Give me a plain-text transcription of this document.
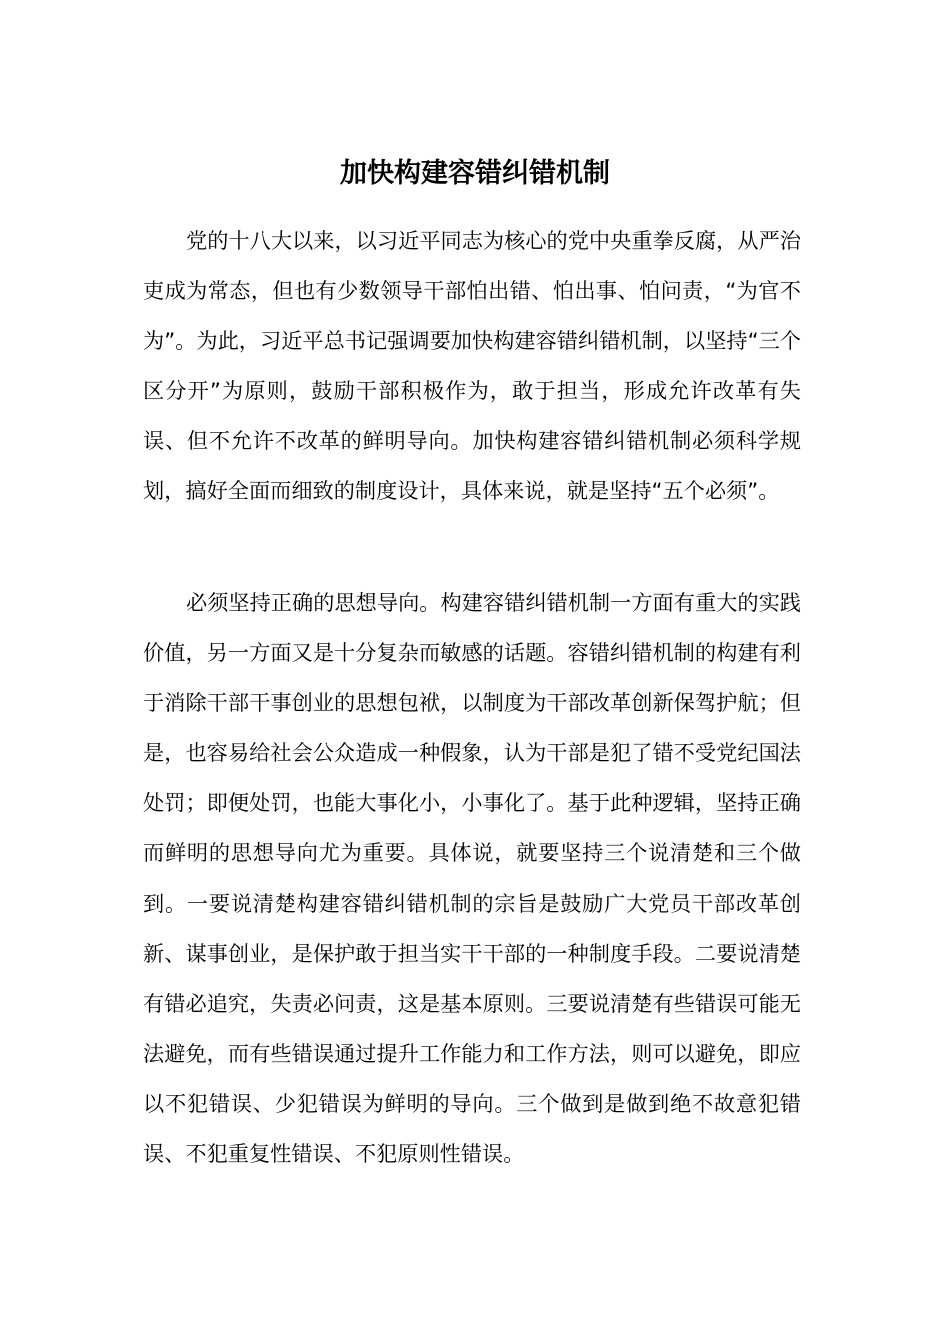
加快构建容错纠错机制

党的十八大以来，以习近平同志为核心的党中央重拳反腐，从严治吏成为常态，但也有少数领导干部怕出错、怕出事、怕问责，“为官不为”。为此，习近平总书记强调要加快构建容错纠错机制，以坚持“三个区分开”为原则，鼓励干部积极作为，敢于担当，形成允许改革有失误、但不允许不改革的鲜明导向。加快构建容错纠错机制必须科学规划，搞好全面而细致的制度设计，具体来说，就是坚持“五个必须”。

必须坚持正确的思想导向。构建容错纠错机制一方面有重大的实践价值，另一方面又是十分复杂而敏感的话题。容错纠错机制的构建有利于消除干部干事创业的思想包袱，以制度为干部改革创新保驾护航；但是，也容易给社会公众造成一种假象，认为干部是犯了错不受党纪国法处罚；即便处罚，也能大事化小，小事化了。基于此种逻辑，坚持正确而鲜明的思想导向尤为重要。具体说，就要坚持三个说清楚和三个做到。一要说清楚构建容错纠错机制的宗旨是鼓励广大党员干部改革创新、谋事创业，是保护敢于担当实干干部的一种制度手段。二要说清楚有错必追究，失责必问责，这是基本原则。三要说清楚有些错误可能无法避免，而有些错误通过提升工作能力和工作方法，则可以避免，即应以不犯错误、少犯错误为鲜明的导向。三个做到是做到绝不故意犯错误、不犯重复性错误、不犯原则性错误。
